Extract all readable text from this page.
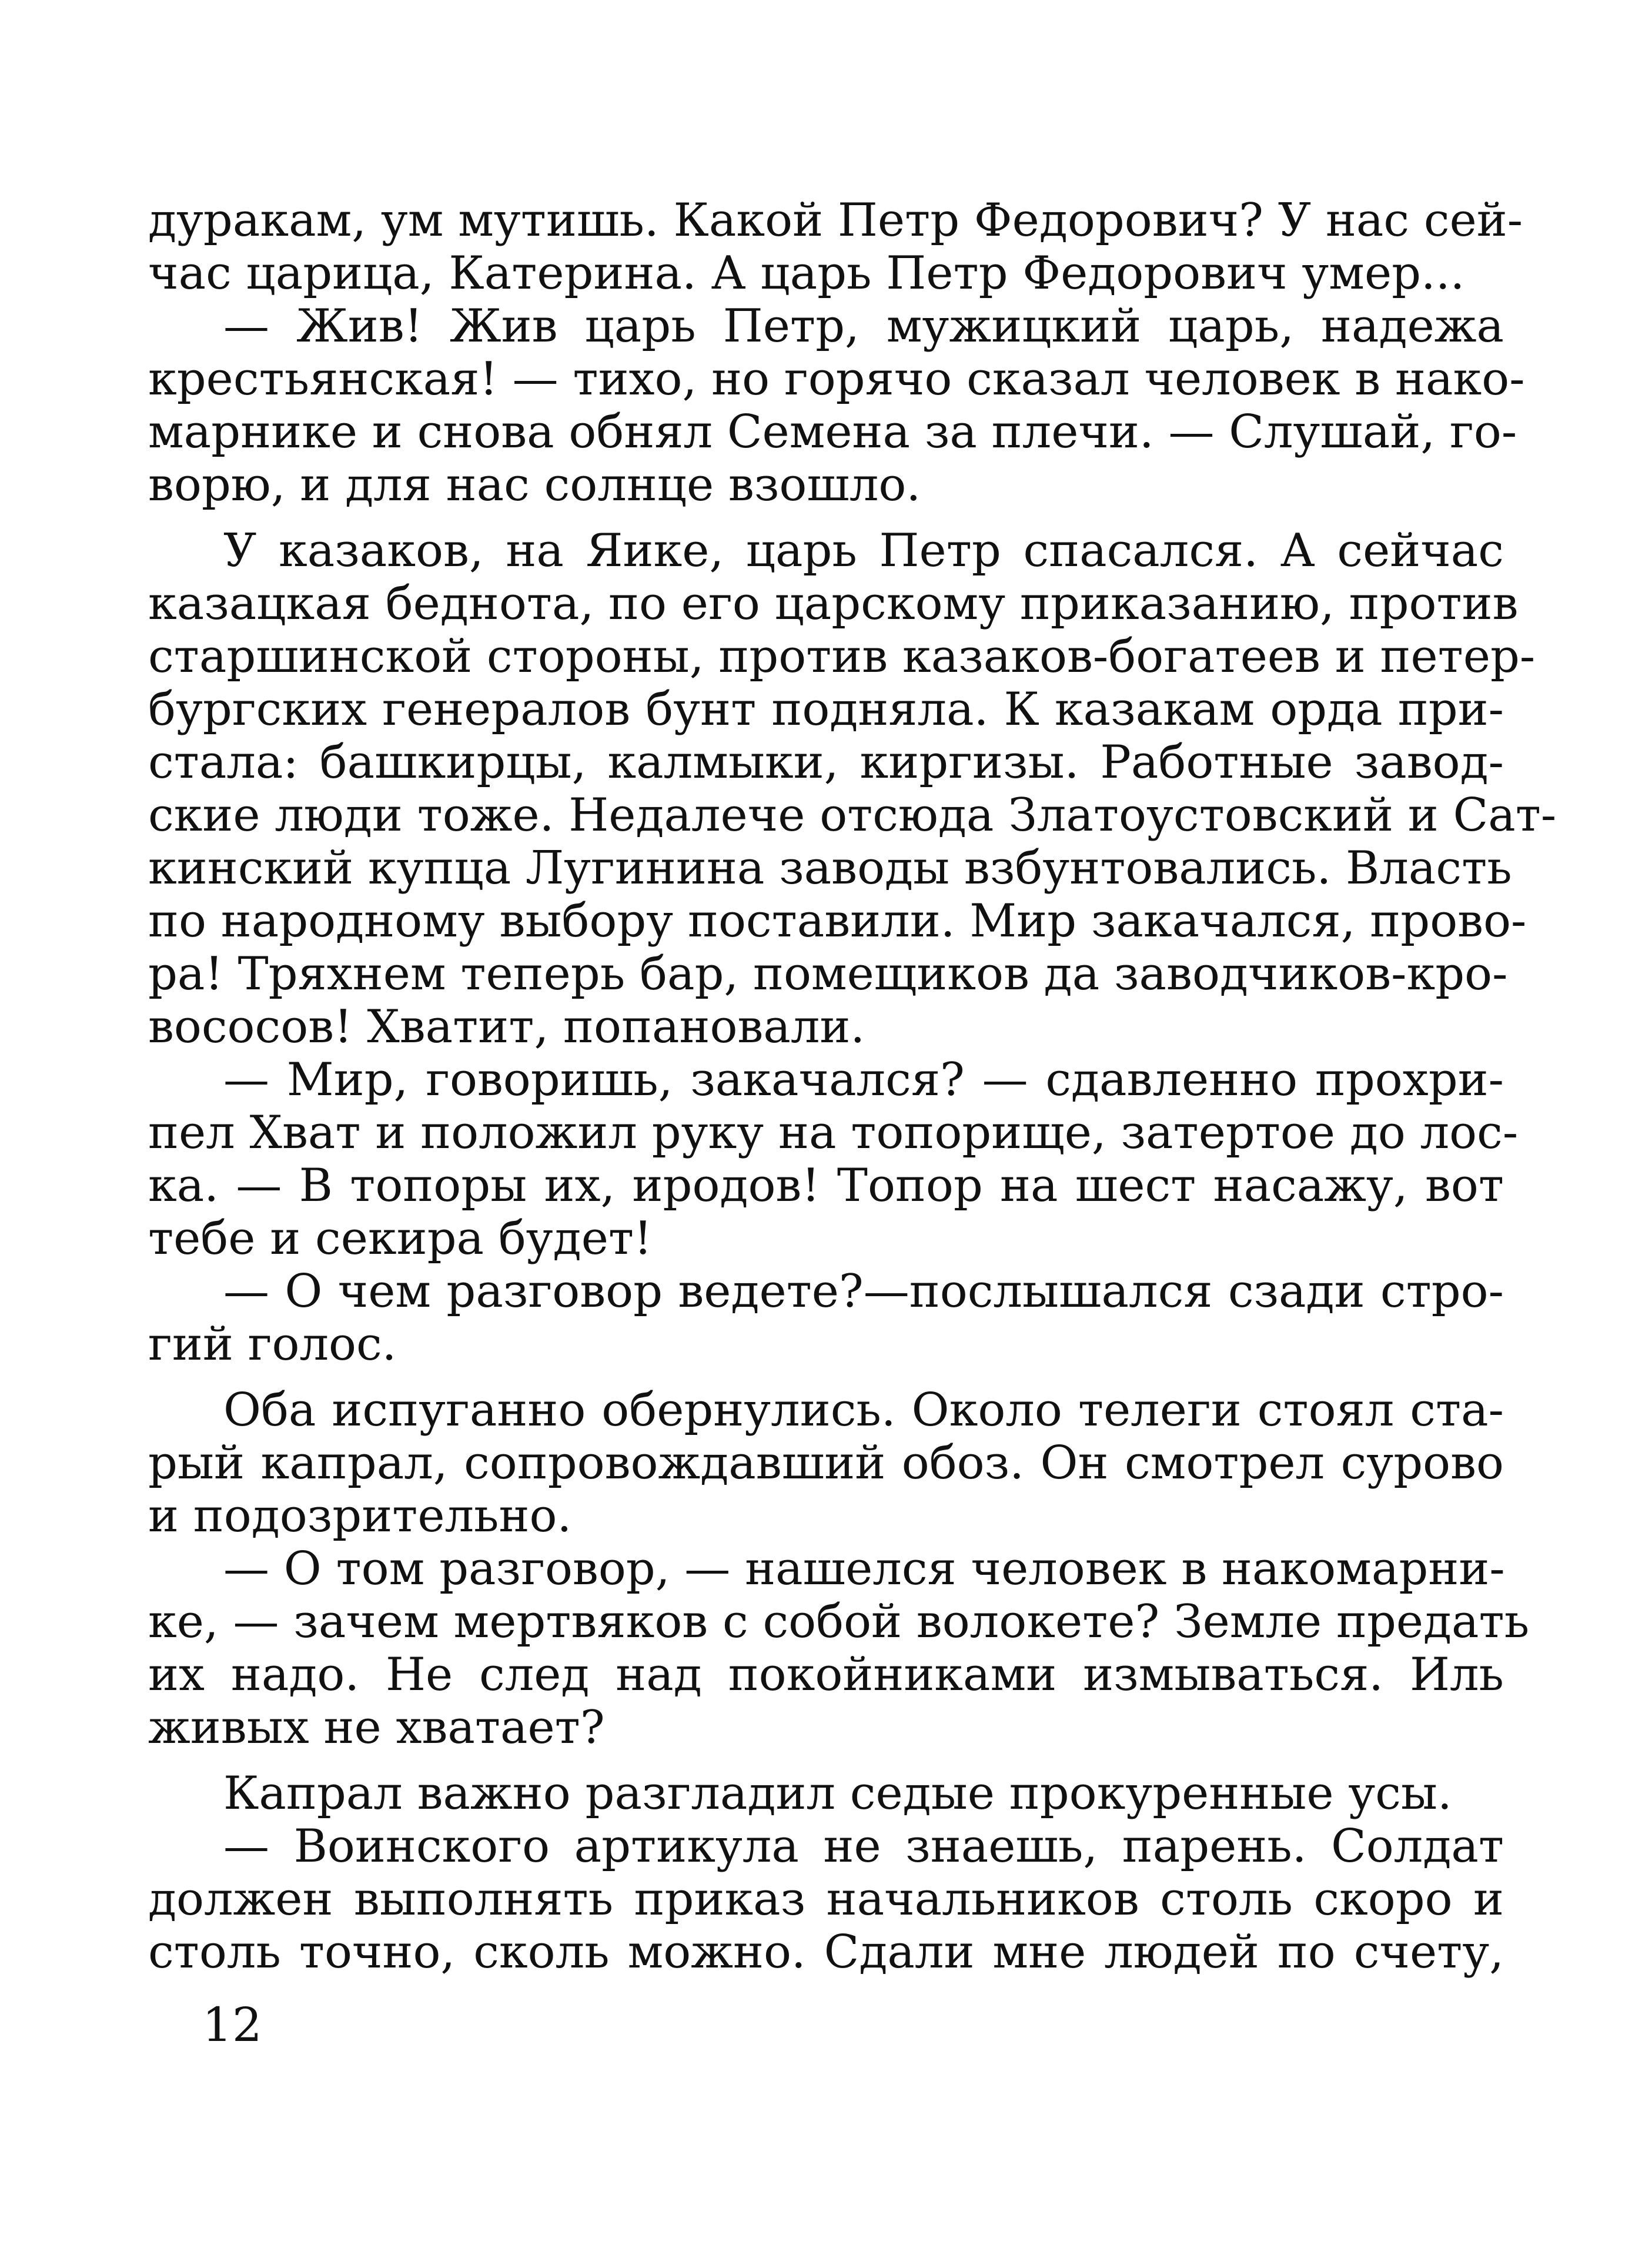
дуракам, ум мутишь. Какой Петр Федорович? У нас сей-
час царица, Катерина. А царь Петр Федорович умер...
— Жив! Жив царь Петр, мужицкий царь, надежа
крестьянская! — тихо, но горячо сказал человек в нако-
марнике и снова обнял Семена за плечи. — Слушай, го-
ворю, и для нас солнце взошло.
У казаков, на Яике, царь Петр спасался. А сейчас
казацкая беднота, по его царскому приказанию, против
старшинской стороны, против казаков-богатеев и петер-
бургских генералов бунт подняла. К казакам орда при-
стала: башкирцы, калмыки, киргизы. Работные завод-
ские люди тоже. Недалече отсюда Златоустовский и Сат-
кинский купца Лугинина заводы взбунтовались. Власть
по народному выбору поставили. Мир закачался, прово-
ра! Тряхнем теперь бар, помещиков да заводчиков-кро-
вососов! Хватит, попановали.
— Мир, говоришь, закачался? — сдавленно прохри-
пел Хват и положил руку на топорище, затертое до лос-
ка. — В топоры их, иродов! Топор на шест насажу, вот
тебе и секира будет!
— О чем разговор ведете?—послышался сзади стро-
гий голос.
Оба испуганно обернулись. Около телеги стоял ста-
рый капрал, сопровождавший обоз. Он смотрел сурово
и подозрительно.
— О том разговор, — нашелся человек в накомарни-
ке, — зачем мертвяков с собой волокете? Земле предать
их надо. Не след над покойниками измываться. Иль
живых не хватает?
Капрал важно разгладил седые прокуренные усы.
— Воинского артикула не знаешь, парень. Солдат
должен выполнять приказ начальников столь скоро и
столь точно, сколь можно. Сдали мне людей по счету,
12
